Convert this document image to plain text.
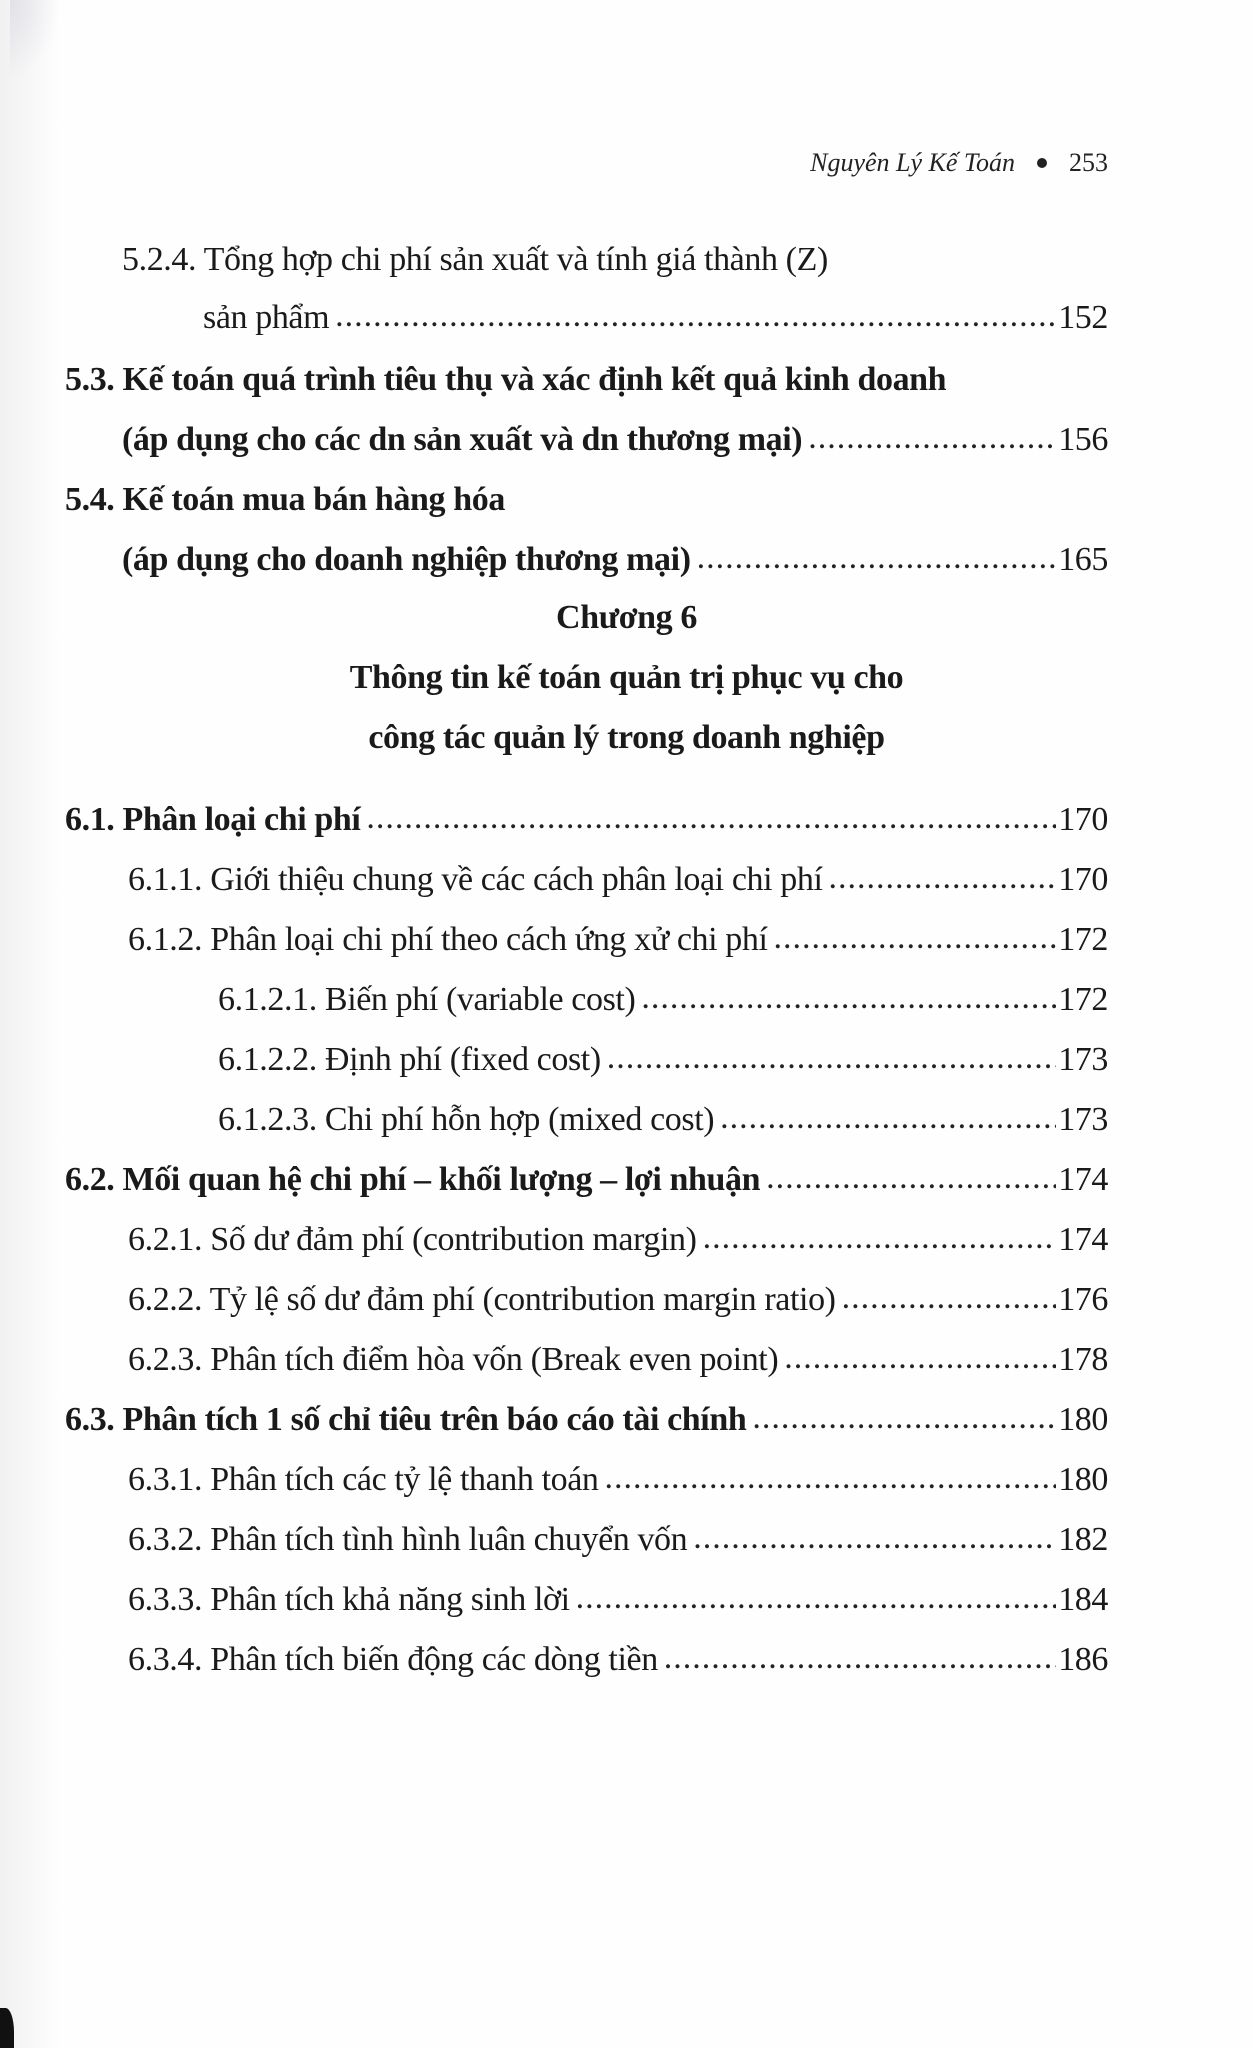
Nguyên Lý Kế Toán 253
5.2.4. Tổng hợp chi phí sản xuất và tính giá thành (Z)
sản phẩm .....	152
5.3. Kế toán quá trình tiêu thụ và xác định kết quả kinh doanh
(áp dụng cho các dn sản xuất và dn thương mại) .....	156
5.4. Kế toán mua bán hàng hóa
(áp dụng cho doanh nghiệp thương mại) .....	165
Chương 6
Thông tin kế toán quản trị phục vụ cho
công tác quản lý trong doanh nghiệp
6.1. Phân loại chi phí .....	170
6.1.1. Giới thiệu chung về các cách phân loại chi phí .....	170
6.1.2. Phân loại chi phí theo cách ứng xử chi phí .....	172
6.1.2.1. Biến phí (variable cost) .....	172
6.1.2.2. Định phí (fixed cost) .....	173
6.1.2.3. Chi phí hỗn hợp (mixed cost) .....	173
6.2. Mối quan hệ chi phí – khối lượng – lợi nhuận .....	174
6.2.1. Số dư đảm phí (contribution margin) .....	174
6.2.2. Tỷ lệ số dư đảm phí (contribution margin ratio) .....	176
6.2.3. Phân tích điểm hòa vốn (Break even point) .....	178
6.3. Phân tích 1 số chỉ tiêu trên báo cáo tài chính .....	180
6.3.1. Phân tích các tỷ lệ thanh toán .....	180
6.3.2. Phân tích tình hình luân chuyển vốn .....	182
6.3.3. Phân tích khả năng sinh lời .....	184
6.3.4. Phân tích biến động các dòng tiền .....	186
